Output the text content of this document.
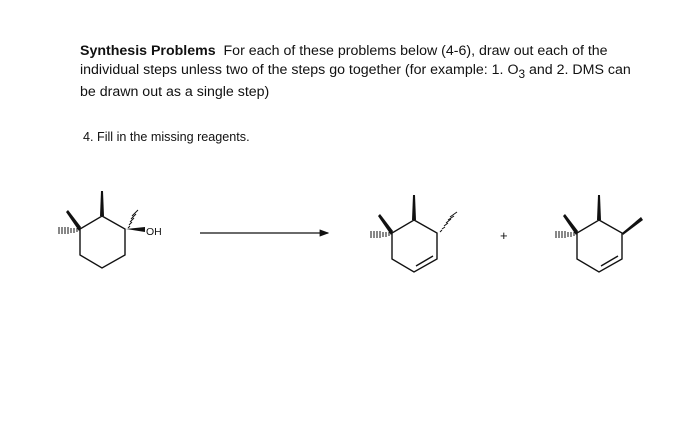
Synthesis Problems For each of these problems below (4-6), draw out each of the individual steps unless two of the steps go together (for example: 1. $O_3$ and 2. DMS can be drawn out as a single step)

4. Fill in the missing reagents.

OH	+
